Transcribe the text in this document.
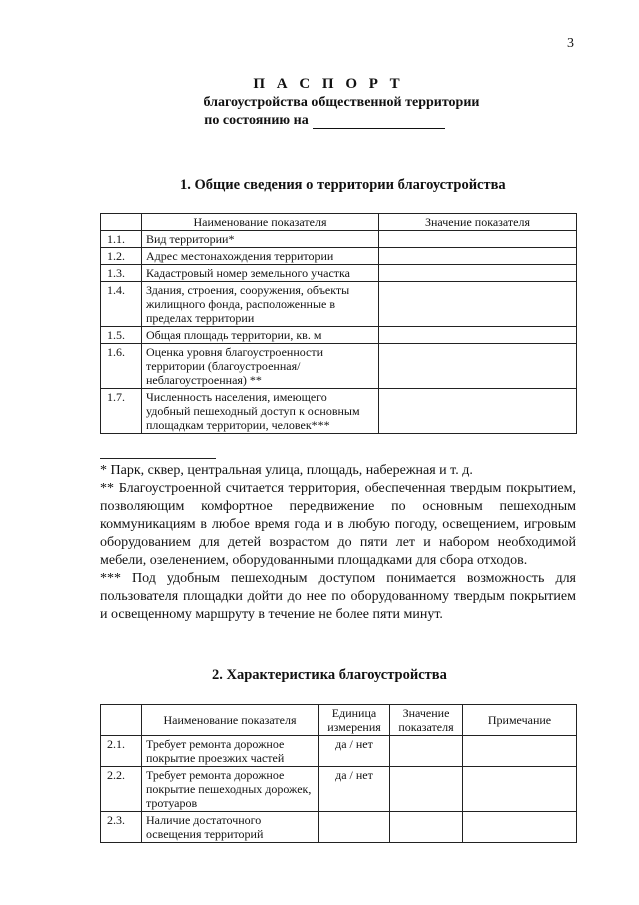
3
П А С П О Р Т
благоустройства общественной территории
по состоянию на
1. Общие сведения о территории благоустройства
	Наименование показателя	Значение показателя
1.1.	Вид территории*	
1.2.	Адрес местонахождения территории	
1.3.	Кадастровый номер земельного участка	
1.4.	Здания, строения, сооружения, объекты жилищного фонда, расположенные в пределах территории	
1.5.	Общая площадь территории, кв. м	
1.6.	Оценка уровня благоустроенности территории (благоустроенная/ неблагоустроенная) **	
1.7.	Численность населения, имеющего удобный пешеходный доступ к основным площадкам территории, человек***	

* Парк, сквер, центральная улица, площадь, набережная и т. д.

** Благоустроенной считается территория, обеспеченная твердым покрытием, позволяющим комфортное передвижение по основным пешеходным коммуникациям в любое время года и в любую погоду, освещением, игровым оборудованием для детей возрастом до пяти лет и набором необходимой мебели, озеленением, оборудованными площадками для сбора отходов.

*** Под удобным пешеходным доступом понимается возможность для пользователя площадки дойти до нее по оборудованному твердым покрытием и освещенному маршруту в течение не более пяти минут.

2. Характеристика благоустройства
	Наименование показателя	Единица измерения	Значение показателя	Примечание
2.1.	Требует ремонта дорожное покрытие проезжих частей	да / нет		
2.2.	Требует ремонта дорожное покрытие пешеходных дорожек, тротуаров	да / нет		
2.3.	Наличие достаточного освещения территорий			
